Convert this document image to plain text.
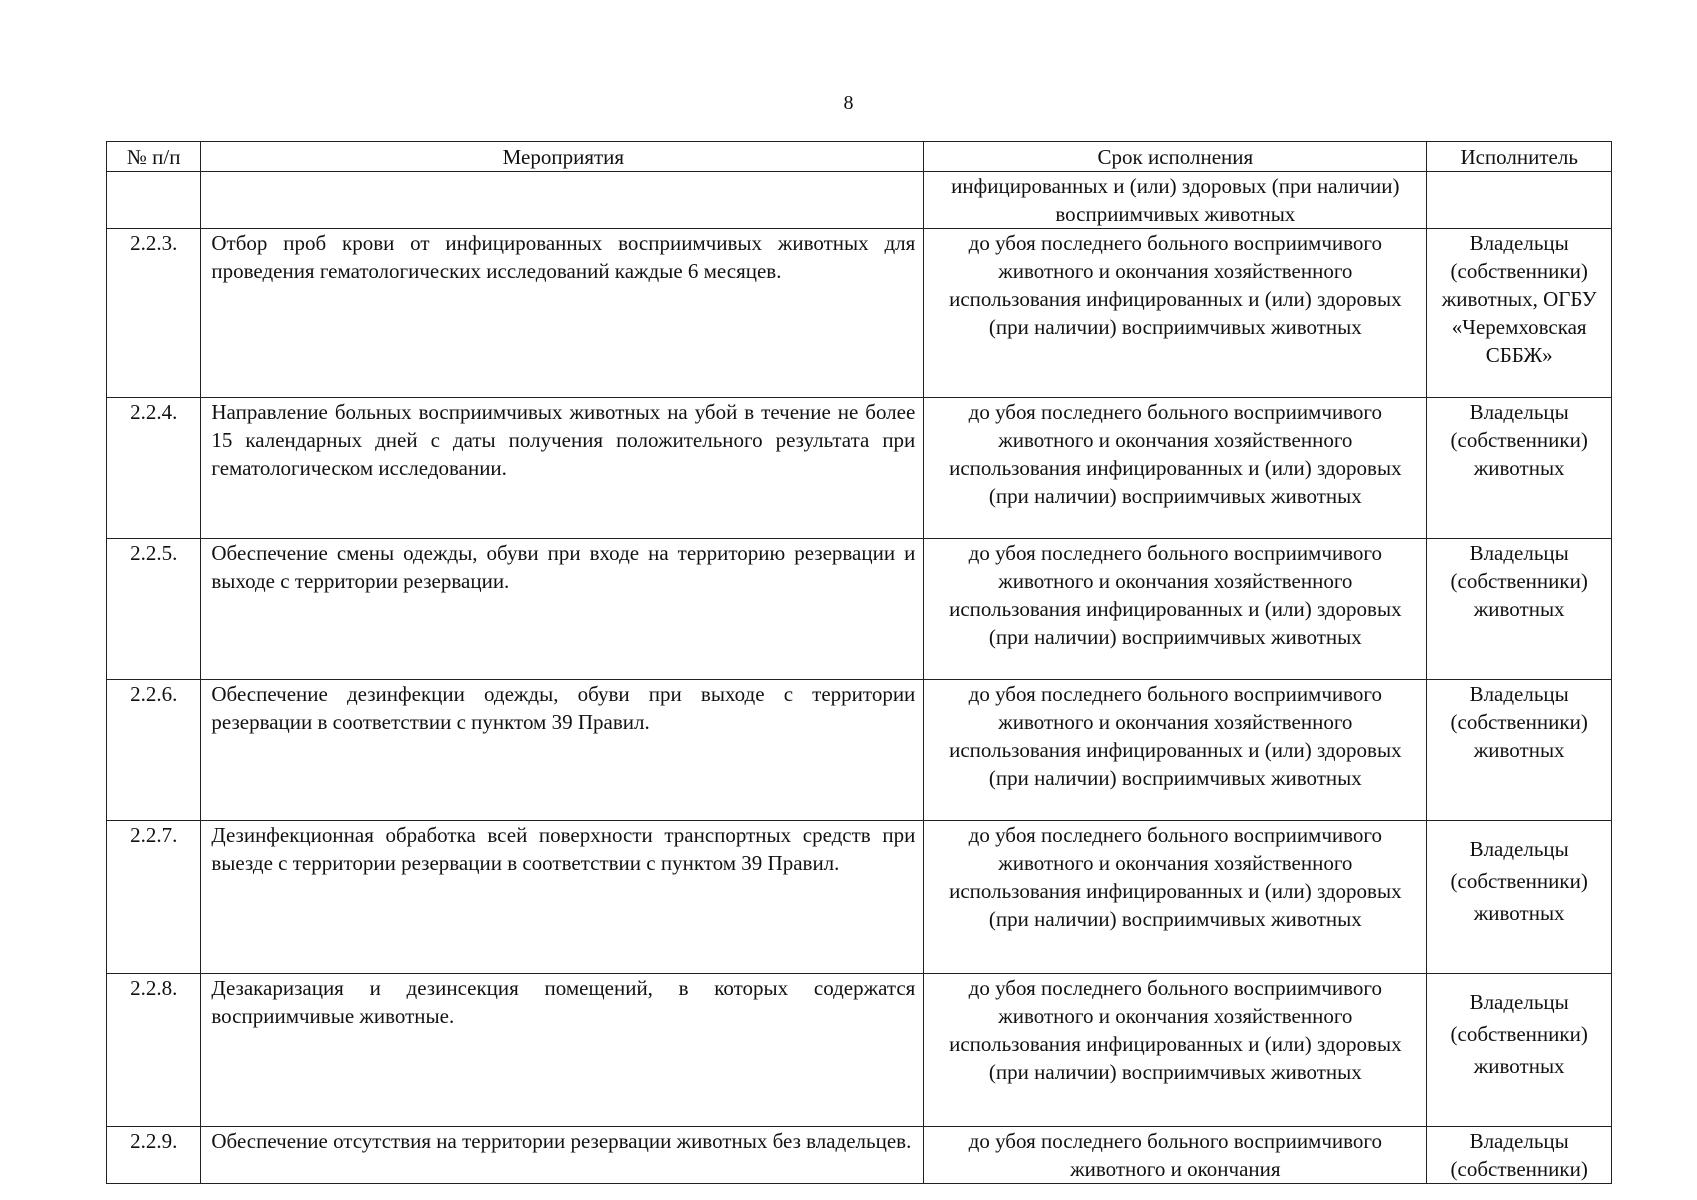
8
№ п/п	Мероприятия	Срок исполнения	Исполнитель
		инфицированных и (или) здоровых (при наличии) восприимчивых животных	
2.2.3.	Отбор проб крови от инфицированных восприимчивых животных для проведения гематологических исследований каждые 6 месяцев.	до убоя последнего больного восприимчивого животного и окончания хозяйственного использования инфицированных и (или) здоровых (при наличии) восприимчивых животных	Владельцы (собственники) животных, ОГБУ «Черемховская СББЖ»
2.2.4.	Направление больных восприимчивых животных на убой в течение не более 15 календарных дней с даты получения положительного результата при гематологическом исследовании.	до убоя последнего больного восприимчивого животного и окончания хозяйственного использования инфицированных и (или) здоровых (при наличии) восприимчивых животных	Владельцы (собственники) животных
2.2.5.	Обеспечение смены одежды, обуви при входе на территорию резервации и выходе с территории резервации.	до убоя последнего больного восприимчивого животного и окончания хозяйственного использования инфицированных и (или) здоровых (при наличии) восприимчивых животных	Владельцы (собственники) животных
2.2.6.	Обеспечение дезинфекции одежды, обуви при выходе с территории резервации в соответствии с пунктом 39 Правил.	до убоя последнего больного восприимчивого животного и окончания хозяйственного использования инфицированных и (или) здоровых (при наличии) восприимчивых животных	Владельцы (собственники) животных
2.2.7.	Дезинфекционная обработка всей поверхности транспортных средств при выезде с территории резервации в соответствии с пунктом 39 Правил.	до убоя последнего больного восприимчивого животного и окончания хозяйственного использования инфицированных и (или) здоровых (при наличии) восприимчивых животных	Владельцы (собственники) животных
2.2.8.	Дезакаризация и дезинсекция помещений, в которых содержатся восприимчивые животные.	до убоя последнего больного восприимчивого животного и окончания хозяйственного использования инфицированных и (или) здоровых (при наличии) восприимчивых животных	Владельцы (собственники) животных
2.2.9.	Обеспечение отсутствия на территории резервации животных без владельцев.	до убоя последнего больного восприимчивого животного и окончания	Владельцы (собственники)
